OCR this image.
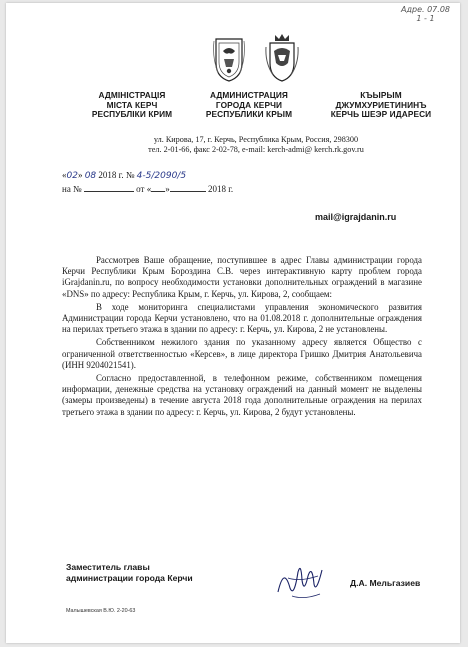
Адре. 07.08
1 - 1
АДМІНІСТРАЦІЯ
МІСТА КЕРЧ
РЕСПУБЛІКИ КРИМ
АДМИНИСТРАЦИЯ
ГОРОДА КЕРЧИ
РЕСПУБЛИКИ КРЫМ
КЪЫРЫМ
ДЖУМХУРИЕТИНИНЪ
КЕРЧЬ ШЕЭР ИДАРЕСИ
ул. Кирова, 17, г. Керчь, Республика Крым, Россия, 298300
тел. 2-01-66, факс 2-02-78, e-mail: kerch-admi@ kerch.rk.gov.ru
«02» 08 2018 г. № 4-5/2090/5
на №	от « »	2018 г.
mail@igrajdanin.ru

Рассмотрев Ваше обращение, поступившее в адрес Главы администрации города Керчи Республики Крым Бороздина С.В. через интерактивную карту проблем города iGrajdanin.ru, по вопросу необходимости установки дополнительных ограждений в магазине «DNS» по адресу: Республика Крым, г. Керчь, ул. Кирова, 2, сообщаем:

В ходе мониторинга специалистами управления экономического развития Администрации города Керчи установлено, что на 01.08.2018 г. дополнительные ограждения на перилах третьего этажа в здании по адресу: г. Керчь, ул. Кирова, 2 не установлены.

Собственником нежилого здания по указанному адресу является Общество с ограниченной ответственностью «Керсев», в лице директора Гришко Дмитрия Анатольевича (ИНН 9204021541).

Согласно предоставленной, в телефонном режиме, собственником помещения информации, денежные средства на установку ограждений на данный момент не выделены (замеры произведены) в течение августа 2018 года дополнительные ограждения на перилах третьего этажа в здании по адресу: г. Керчь, ул. Кирова, 2 будут установлены.

Заместитель главы
администрации города Керчи	Д.А. Мельгазиев
Малышевская В.Ю. 2-20-63
